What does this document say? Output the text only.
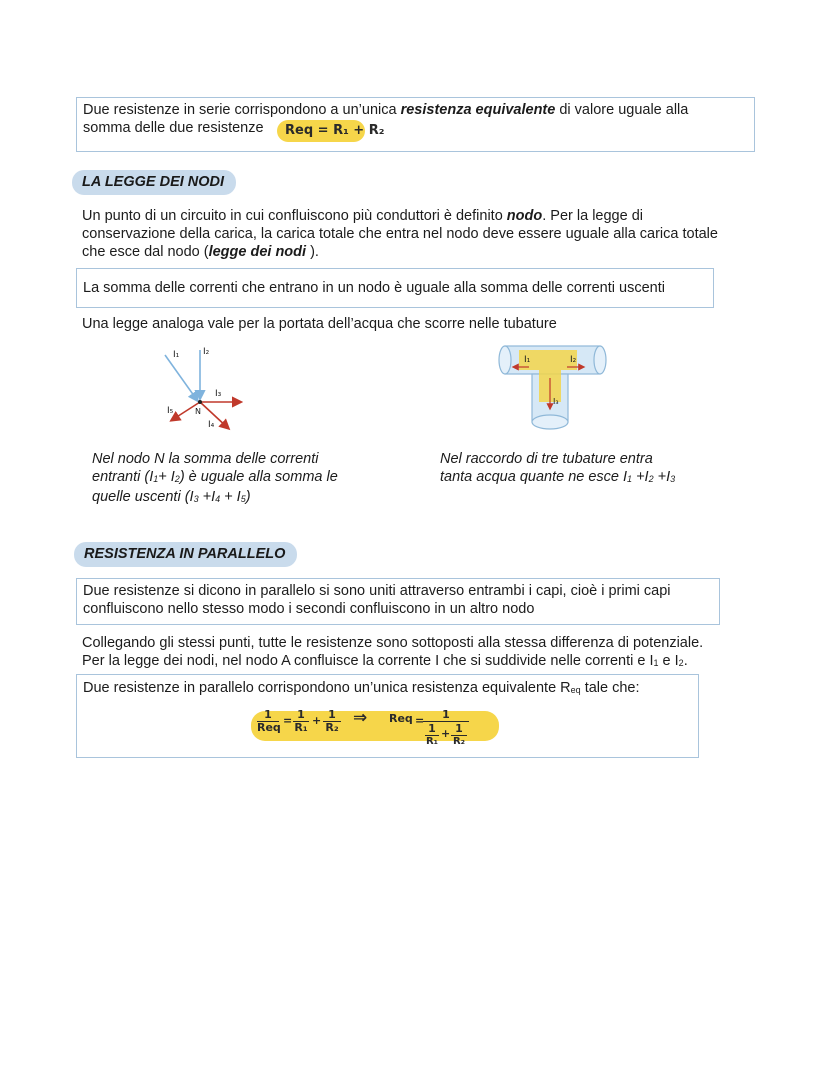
Due resistenze in serie corrispondono a un’unica resistenza equivalente di valore uguale alla
somma delle due resistenze Req = R₁ + R₂
LA LEGGE DEI NODI
Un punto di un circuito in cui confluiscono più conduttori è definito nodo. Per la legge di
conservazione della carica, la carica totale che entra nel nodo deve essere uguale alla carica totale
che esce dal nodo (legge dei nodi ).
La somma delle correnti che entrano in un nodo è uguale alla somma delle correnti uscenti
Una legge analoga vale per la portata dell’acqua che scorre nelle tubature
I₁	I₂
I₃
I₅	N
I₄
I₁	I₂
I₃
Nel nodo N la somma delle correnti
entranti $(I_1+ I_2)$ è uguale alla somma le
quelle uscenti $(I_3 +I_4 + I_5)$
Nel raccordo di tre tubature entra
tanta acqua quante ne esce $I_1 +I_2 +I_3$
RESISTENZA IN PARALLELO
Due resistenze si dicono in parallelo si sono uniti attraverso entrambi i capi, cioè i primi capi
confluiscono nello stesso modo i secondi confluiscono in un altro nodo
Collegando gli stessi punti, tutte le resistenze sono sottoposti alla stessa differenza di potenziale.
Per la legge dei nodi, nel nodo A confluisce la corrente I che si suddivide nelle correnti e $I_1$ e $I_2$.
Due resistenze in parallelo corrispondono un’unica resistenza equivalente $R_{eq}$ tale che:
1
Req
= 1
R₁
+ 1
R₂ ⇒ Req =	1
1
R₁
+ 1
R₂
